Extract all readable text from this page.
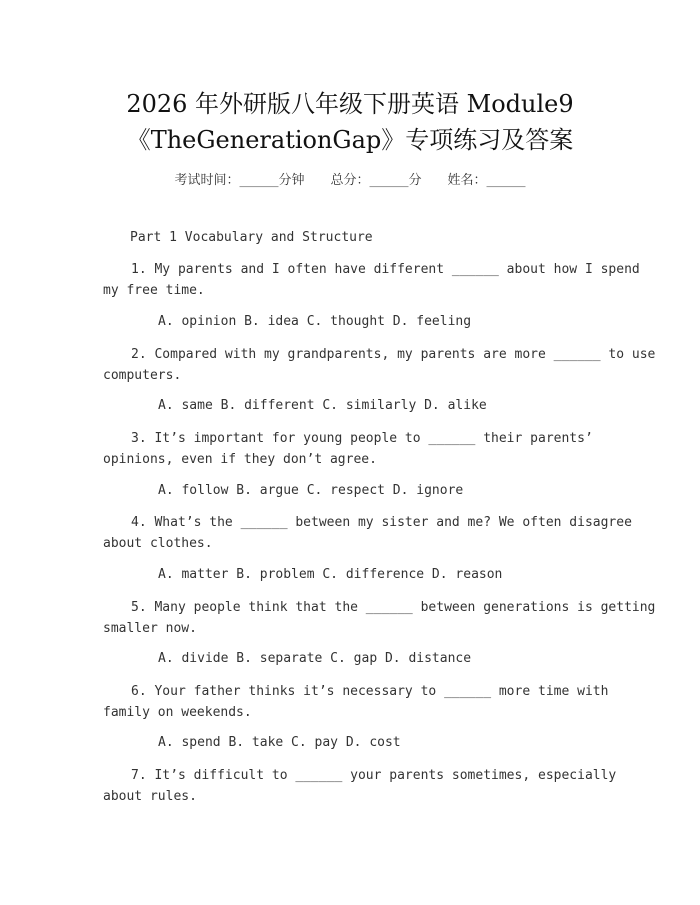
2026 年外研版八年级下册英语 Module9
《TheGenerationGap》专项练习及答案
考试时间：______分钟 总分：______分 姓名：______
Part 1 Vocabulary and Structure
1. My parents and I often have different ______ about how I spend
my free time.
A. opinion B. idea C. thought D. feeling
2. Compared with my grandparents, my parents are more ______ to use
computers.
A. same B. different C. similarly D. alike
3. It’s important for young people to ______ their parents’
opinions, even if they don’t agree.
A. follow B. argue C. respect D. ignore
4. What’s the ______ between my sister and me? We often disagree
about clothes.
A. matter B. problem C. difference D. reason
5. Many people think that the ______ between generations is getting
smaller now.
A. divide B. separate C. gap D. distance
6. Your father thinks it’s necessary to ______ more time with
family on weekends.
A. spend B. take C. pay D. cost
7. It’s difficult to ______ your parents sometimes, especially
about rules.
